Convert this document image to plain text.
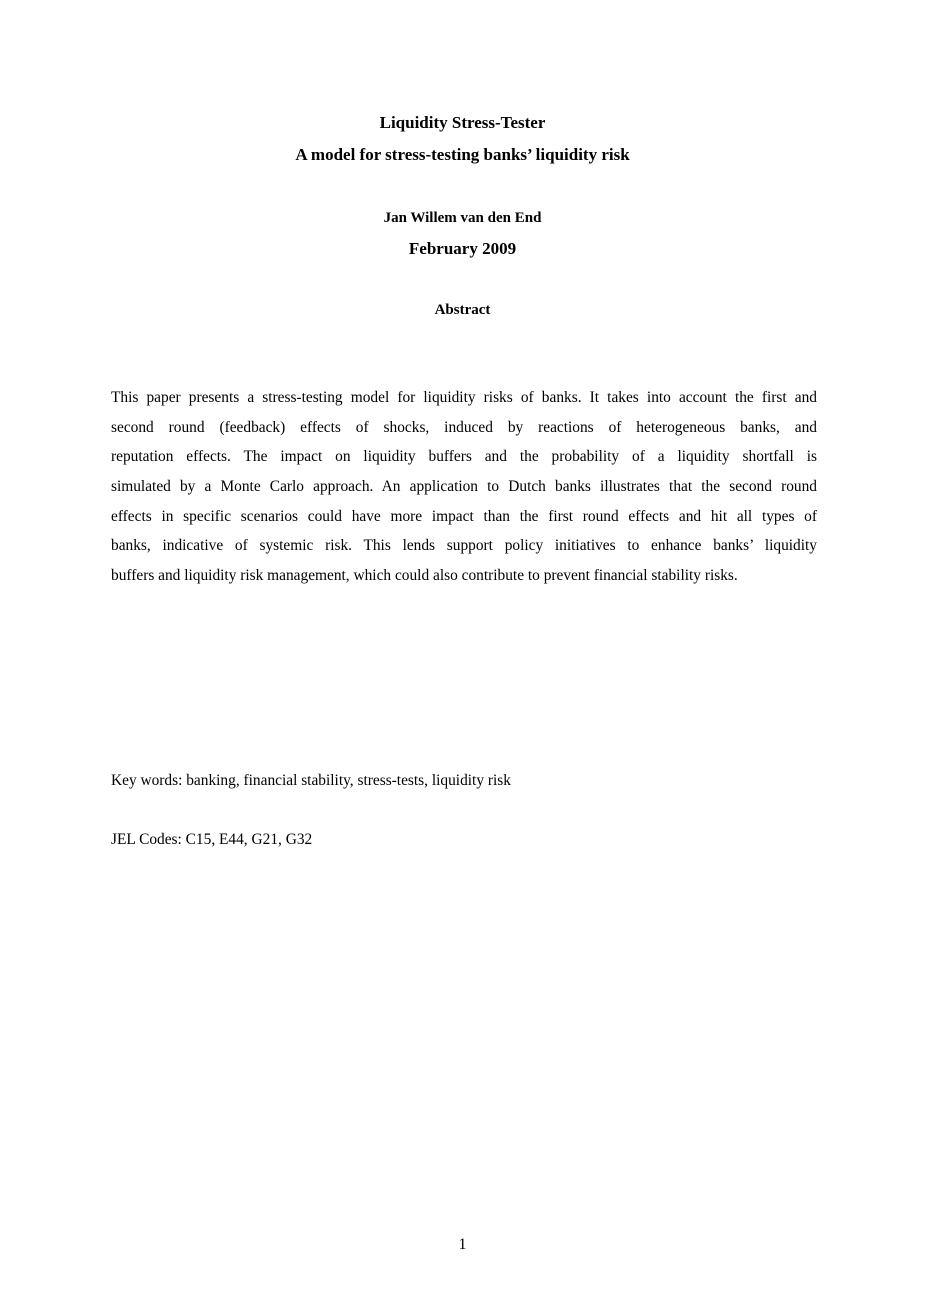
Liquidity Stress-Tester
A model for stress-testing banks’ liquidity risk
Jan Willem van den End
February 2009
Abstract
This paper presents a stress-testing model for liquidity risks of banks. It takes into account the first and
second round (feedback) effects of shocks, induced by reactions of heterogeneous banks, and
reputation effects. The impact on liquidity buffers and the probability of a liquidity shortfall is
simulated by a Monte Carlo approach. An application to Dutch banks illustrates that the second round
effects in specific scenarios could have more impact than the first round effects and hit all types of
banks, indicative of systemic risk. This lends support policy initiatives to enhance banks’ liquidity
buffers and liquidity risk management, which could also contribute to prevent financial stability risks.
Key words: banking, financial stability, stress-tests, liquidity risk
JEL Codes: C15, E44, G21, G32
1
